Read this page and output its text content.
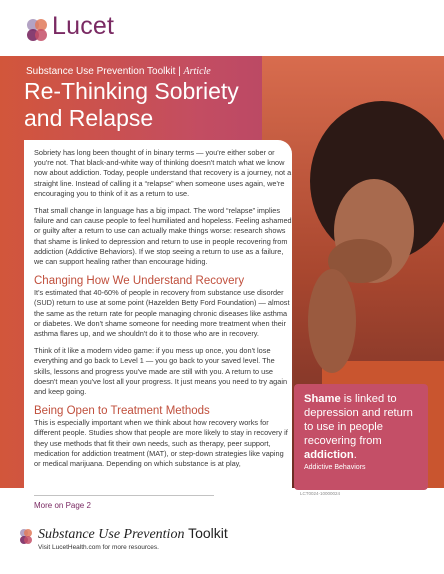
Lucet
Substance Use Prevention Toolkit | Article
Re-Thinking Sobriety and Relapse

Sobriety has long been thought of in binary terms — you're either sober or you're not. That black-and-white way of thinking doesn't match what we know now about addiction. Today, people understand that recovery is a journey, not a straight line. Instead of calling it a “relapse” when someone uses again, we're encouraging you to think of it as a return to use.

That small change in language has a big impact. The word “relapse” implies failure and can cause people to feel humiliated and hopeless. Feeling ashamed or guilty after a return to use can actually make things worse: research shows that shame is linked to depression and return to use in people recovering from addiction (Addictive Behaviors). If we stop seeing a return to use as a failure, we can support healing rather than encourage hiding.

Changing How We Understand Recovery

It's estimated that 40-60% of people in recovery from substance use disorder (SUD) return to use at some point (Hazelden Betty Ford Foundation) — almost the same as the return rate for people managing chronic diseases like asthma or diabetes. We don't shame someone for needing more treatment when their asthma flares up, and we shouldn't do it to those who are in recovery.

Think of it like a modern video game: if you mess up once, you don't lose everything and go back to Level 1 — you go back to your saved level. The skills, lessons and progress you've made are still with you. A return to use doesn't mean you've lost all your progress. It just means you need to try again and keep going.

Being Open to Treatment Methods

This is especially important when we think about how recovery works for different people. Studies show that people are more likely to stay in recovery if they use methods that fit their own needs, such as therapy, peer support, medication for addiction treatment (MAT), or step-down strategies like vaping or medical marijuana. Depending on which substance is at play,

More on Page 2
Shame is linked to depression and return to use in people recovering from addiction.
Addictive Behaviors
LCT0024-10000024
Substance Use Prevention Toolkit
Visit LucetHealth.com for more resources.
